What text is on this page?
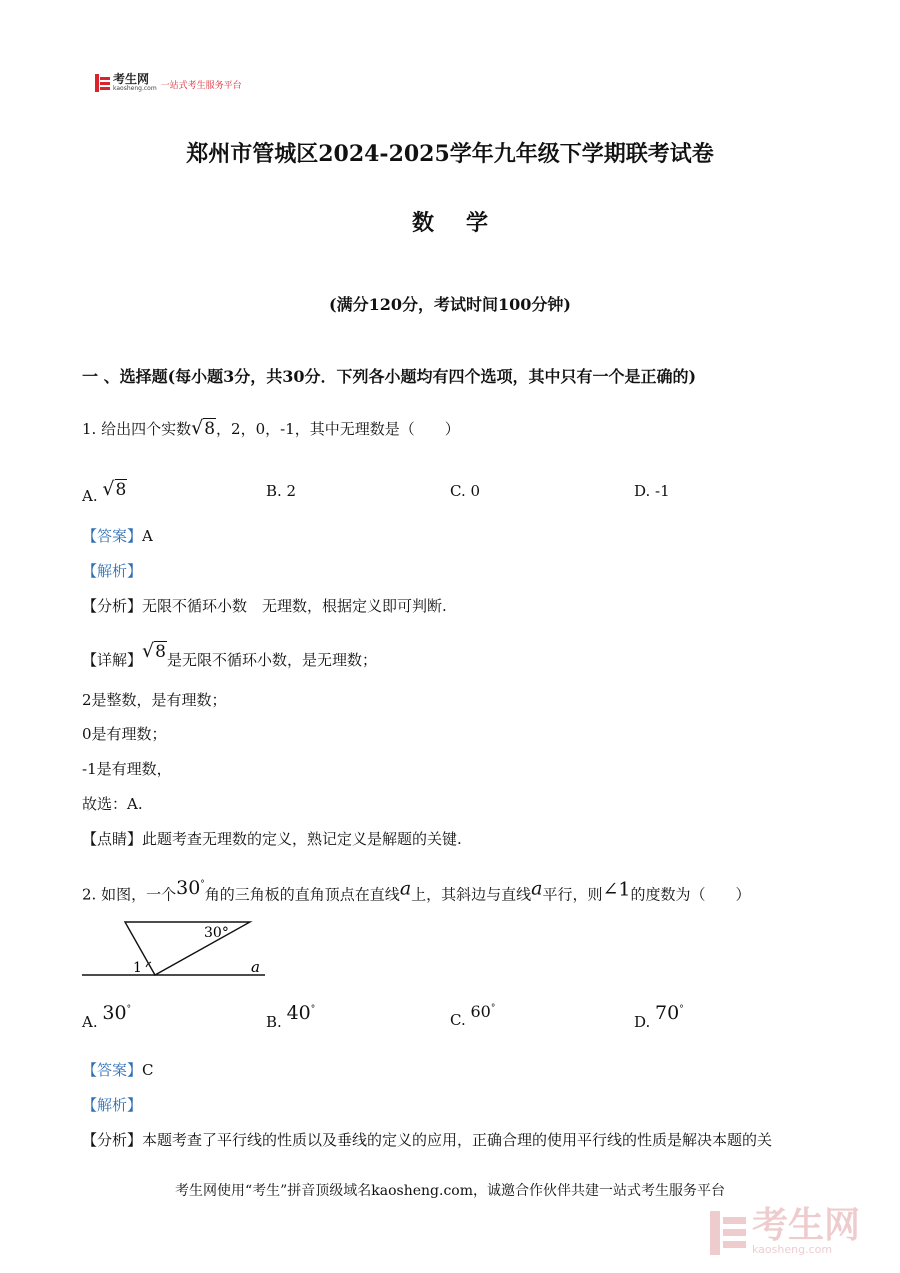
考生网
kaosheng.com 一站式考生服务平台
郑州市管城区2024-2025学年九年级下学期联考试卷
数学
(满分120分，考试时间100分钟)
一 、选择题(每小题3分，共30分．下列各小题均有四个选项，其中只有一个是正确的)
1. 给出四个实数√8，2，0，-1，其中无理数是（　　）
A. √8	B. 2	C. 0	D. -1
【答案】A
【解析】
【分析】无限不循环小数　无理数，根据定义即可判断.
【详解】√8是无限不循环小数，是无理数；
2是整数，是有理数；
0是有理数；
-1是有理数，
故选：A.
【点睛】此题考查无理数的定义，熟记定义是解题的关键.
2. 如图，一个30°角的三角板的直角顶点在直线a上，其斜边与直线a平行，则∠1的度数为（　　）
30°
1	a
A. 30°
B. 40°
C. 60°
D. 70°
【答案】C
【解析】
【分析】本题考查了平行线的性质以及垂线的定义的应用，正确合理的使用平行线的性质是解决本题的关
考生网使用“考生”拼音顶级域名kaosheng.com，诚邀合作伙伴共建一站式考生服务平台
考生网
kaosheng.com
